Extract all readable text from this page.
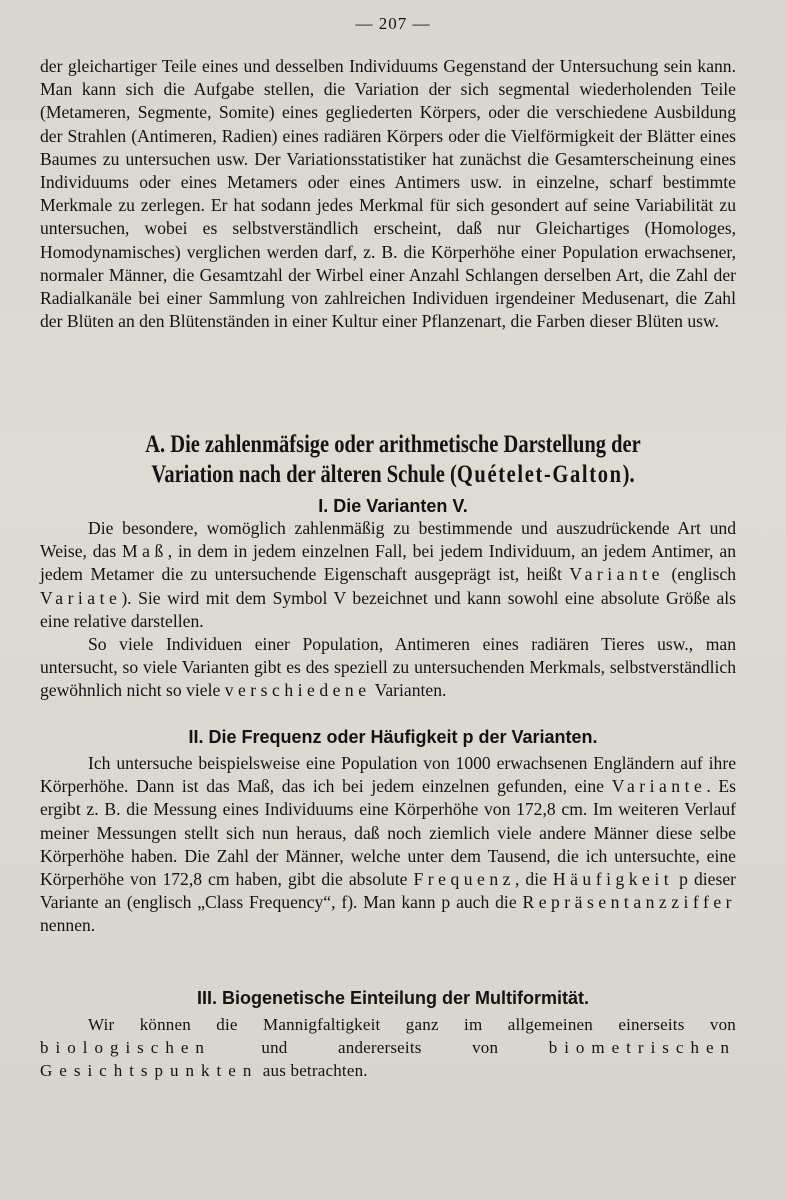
— 207 —

der gleichartiger Teile eines und desselben Individuums Gegenstand der Untersuchung sein kann. Man kann sich die Aufgabe stellen, die Variation der sich segmental wiederholenden Teile (Metameren, Segmente, Somite) eines gegliederten Körpers, oder die verschiedene Ausbildung der Strahlen (Antimeren, Radien) eines radiären Körpers oder die Vielförmigkeit der Blätter eines Baumes zu untersuchen usw. Der Variationsstatistiker hat zunächst die Gesamterscheinung eines Individuums oder eines Metamers oder eines Antimers usw. in einzelne, scharf bestimmte Merkmale zu zerlegen. Er hat sodann jedes Merkmal für sich gesondert auf seine Variabilität zu untersuchen, wobei es selbstverständlich erscheint, daß nur Gleichartiges (Homologes, Homodynamisches) verglichen werden darf, z. B. die Körperhöhe einer Population erwachsener, normaler Männer, die Gesamtzahl der Wirbel einer Anzahl Schlangen derselben Art, die Zahl der Radialkanäle bei einer Sammlung von zahlreichen Individuen irgendeiner Medusenart, die Zahl der Blüten an den Blütenständen in einer Kultur einer Pflanzenart, die Farben dieser Blüten usw.

A. Die zahlenmäfsige oder arithmetische Darstellung der
Variation nach der älteren Schule (Quételet-Galton).
I. Die Varianten V.

Die besondere, womöglich zahlenmäßig zu bestimmende und auszudrückende Art und Weise, das Maß, in dem in jedem einzelnen Fall, bei jedem Individuum, an jedem Antimer, an jedem Metamer die zu untersuchende Eigenschaft ausgeprägt ist, heißt Variante (englisch Variate). Sie wird mit dem Symbol V bezeichnet und kann sowohl eine absolute Größe als eine relative darstellen.

So viele Individuen einer Population, Antimeren eines radiären Tieres usw., man untersucht, so viele Varianten gibt es des speziell zu untersuchenden Merkmals, selbstverständlich gewöhnlich nicht so viele verschiedene Varianten.

II. Die Frequenz oder Häufigkeit p der Varianten.

Ich untersuche beispielsweise eine Population von 1000 erwachsenen Engländern auf ihre Körperhöhe. Dann ist das Maß, das ich bei jedem einzelnen gefunden, eine Variante. Es ergibt z. B. die Messung eines Individuums eine Körperhöhe von 172,8 cm. Im weiteren Verlauf meiner Messungen stellt sich nun heraus, daß noch ziemlich viele andere Männer diese selbe Körperhöhe haben. Die Zahl der Männer, welche unter dem Tausend, die ich untersuchte, eine Körperhöhe von 172,8 cm haben, gibt die absolute Frequenz, die Häufigkeit p dieser Variante an (englisch „Class Frequency“, f). Man kann p auch die Repräsentanzziffer nennen.

III. Biogenetische Einteilung der Multiformität.

Wir können die Mannigfaltigkeit ganz im allgemeinen einerseits von biologischen und andererseits von biometrischen Gesichtspunkten aus betrachten.
